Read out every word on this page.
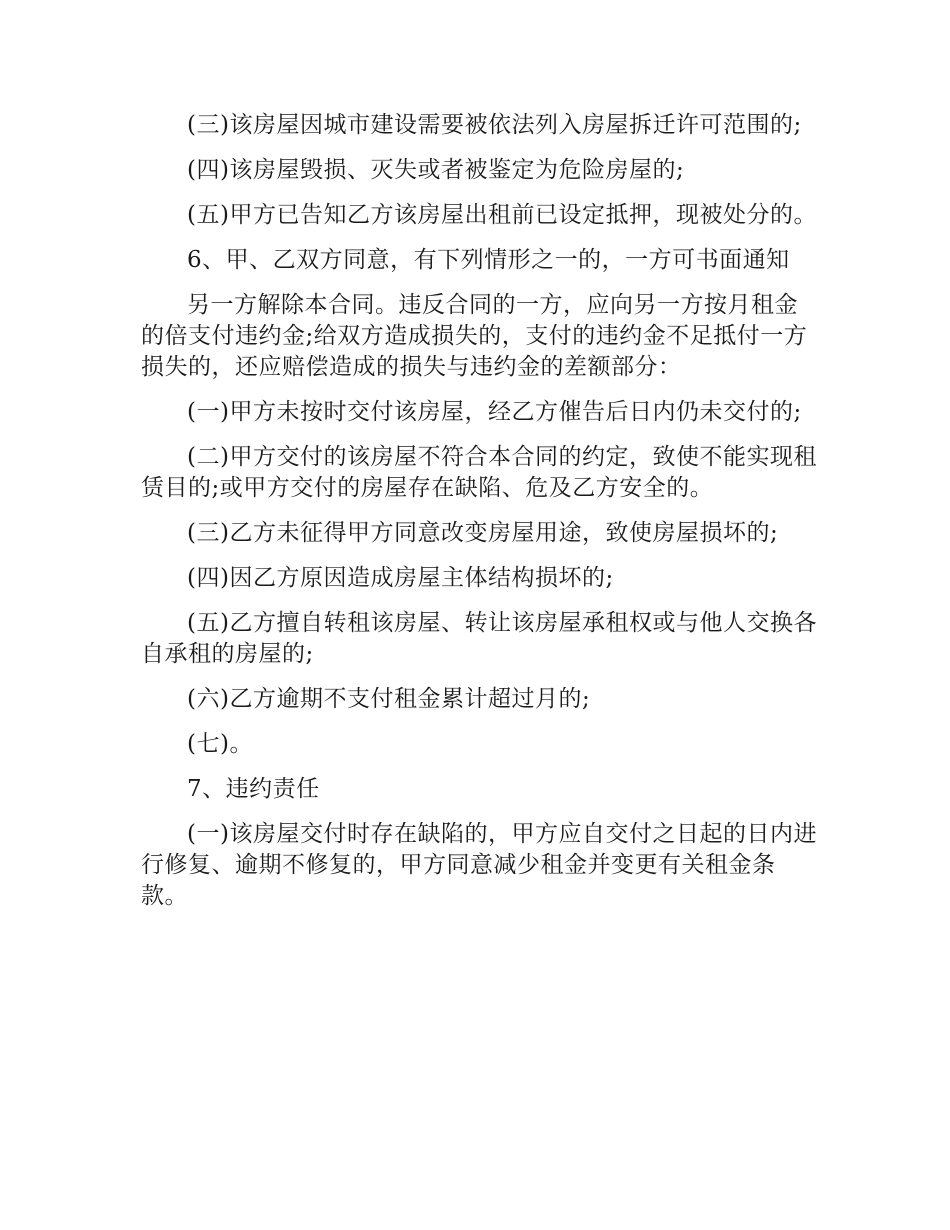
(三)该房屋因城市建设需要被依法列入房屋拆迁许可范围的;

(四)该房屋毁损、灭失或者被鉴定为危险房屋的;

(五)甲方已告知乙方该房屋出租前已设定抵押，现被处分的。

6、甲、乙双方同意，有下列情形之一的，一方可书面通知

另一方解除本合同。违反合同的一方，应向另一方按月租金的倍支付违约金;给双方造成损失的，支付的违约金不足抵付一方损失的，还应赔偿造成的损失与违约金的差额部分：

(一)甲方未按时交付该房屋，经乙方催告后日内仍未交付的;

(二)甲方交付的该房屋不符合本合同的约定，致使不能实现租赁目的;或甲方交付的房屋存在缺陷、危及乙方安全的。

(三)乙方未征得甲方同意改变房屋用途，致使房屋损坏的;

(四)因乙方原因造成房屋主体结构损坏的;

(五)乙方擅自转租该房屋、转让该房屋承租权或与他人交换各自承租的房屋的;

(六)乙方逾期不支付租金累计超过月的;

(七)。

7、违约责任

(一)该房屋交付时存在缺陷的，甲方应自交付之日起的日内进行修复、逾期不修复的，甲方同意减少租金并变更有关租金条款。
